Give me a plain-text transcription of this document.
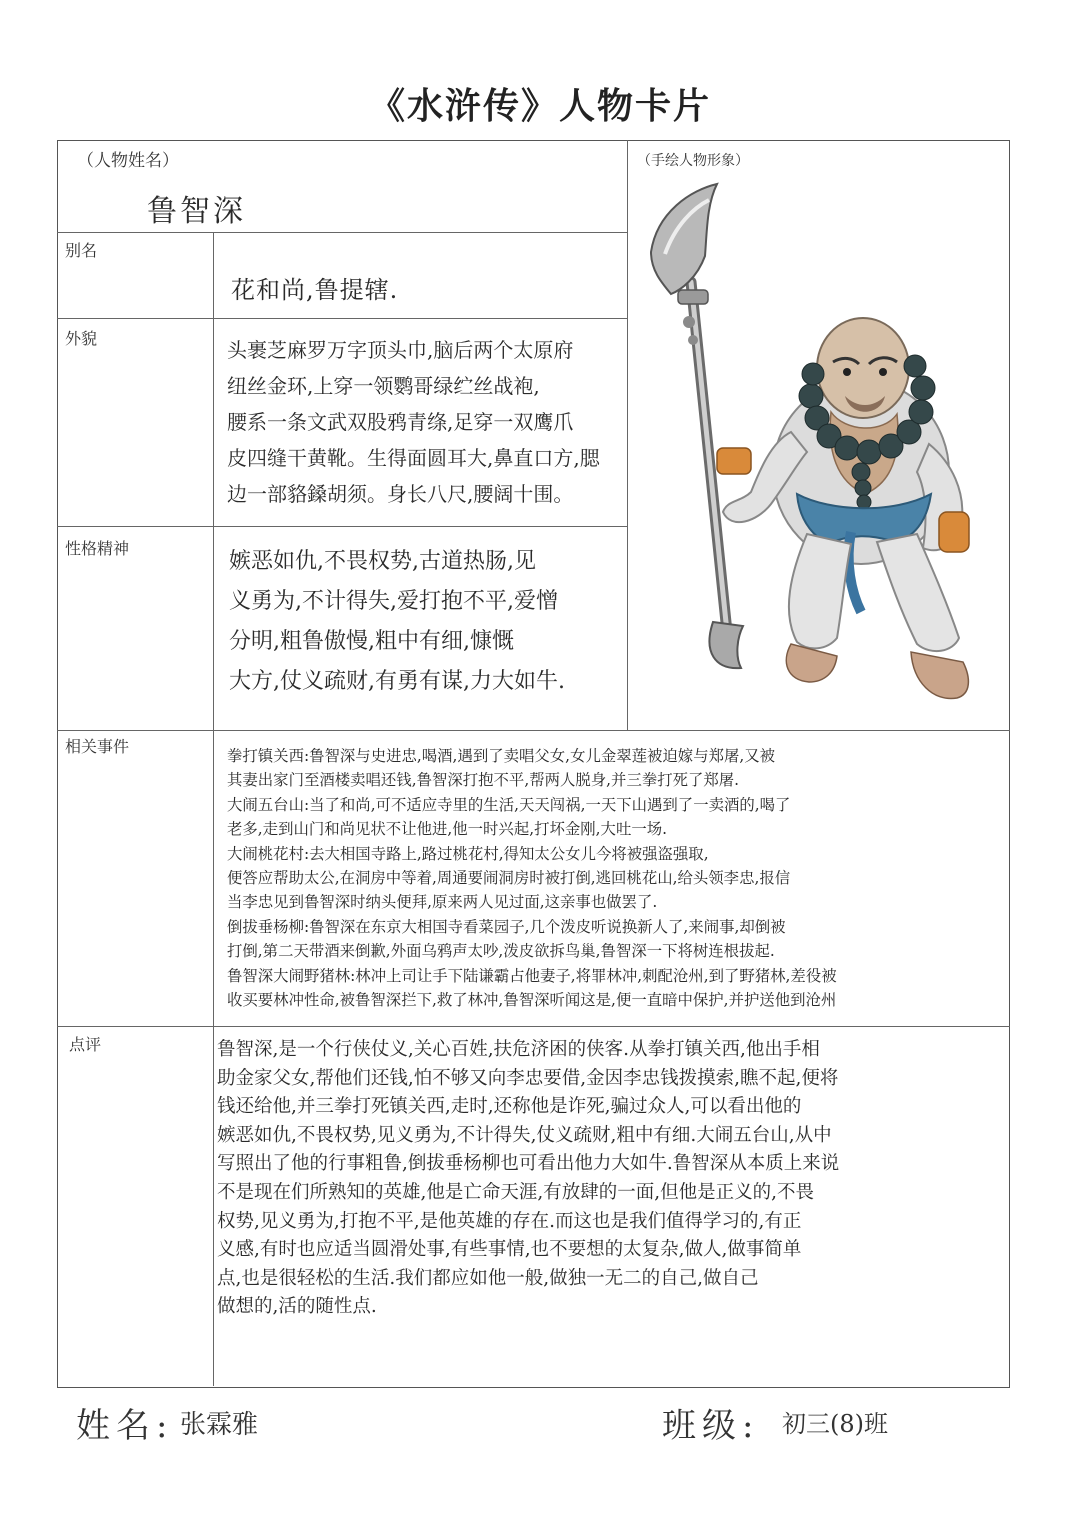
《水浒传》人物卡片
（人物姓名）	（手绘人物形象）
别名
外貌
性格精神
相关事件
点评
鲁智深
花和尚,鲁提辖.
头裹芝麻罗万字顶头巾,脑后两个太原府
纽丝金环,上穿一领鹦哥绿纻丝战袍,
腰系一条文武双股鸦青绦,足穿一双鹰爪
皮四缝干黄靴。生得面圆耳大,鼻直口方,腮
边一部貉鎟胡须。身长八尺,腰阔十围。
嫉恶如仇,不畏权势,古道热肠,见
义勇为,不计得失,爱打抱不平,爱憎
分明,粗鲁傲慢,粗中有细,慷慨
大方,仗义疏财,有勇有谋,力大如牛.
拳打镇关西:鲁智深与史进忠,喝酒,遇到了卖唱父女,女儿金翠莲被迫嫁与郑屠,又被
其妻出家门至酒楼卖唱还钱,鲁智深打抱不平,帮两人脱身,并三拳打死了郑屠.
大闹五台山:当了和尚,可不适应寺里的生活,天天闯祸,一天下山遇到了一卖酒的,喝了
老多,走到山门和尚见状不让他进,他一时兴起,打坏金刚,大吐一场.
大闹桃花村:去大相国寺路上,路过桃花村,得知太公女儿今将被强盗强取,
便答应帮助太公,在洞房中等着,周通要闹洞房时被打倒,逃回桃花山,给头领李忠,报信
当李忠见到鲁智深时纳头便拜,原来两人见过面,这亲事也做罢了.
倒拔垂杨柳:鲁智深在东京大相国寺看菜园子,几个泼皮听说换新人了,来闹事,却倒被
打倒,第二天带酒来倒歉,外面乌鸦声太吵,泼皮欲拆鸟巢,鲁智深一下将树连根拔起.
鲁智深大闹野猪林:林冲上司让手下陆谦霸占他妻子,将罪林冲,刺配沧州,到了野猪林,差役被
收买要林冲性命,被鲁智深拦下,救了林冲,鲁智深听闻这是,便一直暗中保护,并护送他到沧州
鲁智深,是一个行侠仗义,关心百姓,扶危济困的侠客.从拳打镇关西,他出手相
助金家父女,帮他们还钱,怕不够又向李忠要借,金因李忠钱拨摸索,瞧不起,便将
钱还给他,并三拳打死镇关西,走时,还称他是诈死,骗过众人,可以看出他的
嫉恶如仇,不畏权势,见义勇为,不计得失,仗义疏财,粗中有细.大闹五台山,从中
写照出了他的行事粗鲁,倒拔垂杨柳也可看出他力大如牛.鲁智深从本质上来说
不是现在们所熟知的英雄,他是亡命天涯,有放肆的一面,但他是正义的,不畏
权势,见义勇为,打抱不平,是他英雄的存在.而这也是我们值得学习的,有正
义感,有时也应适当圆滑处事,有些事情,也不要想的太复杂,做人,做事简单
点,也是很轻松的生活.我们都应如他一般,做独一无二的自己,做自己
做想的,活的随性点.
姓名: 张霖雅	班级: 初三(8)班
